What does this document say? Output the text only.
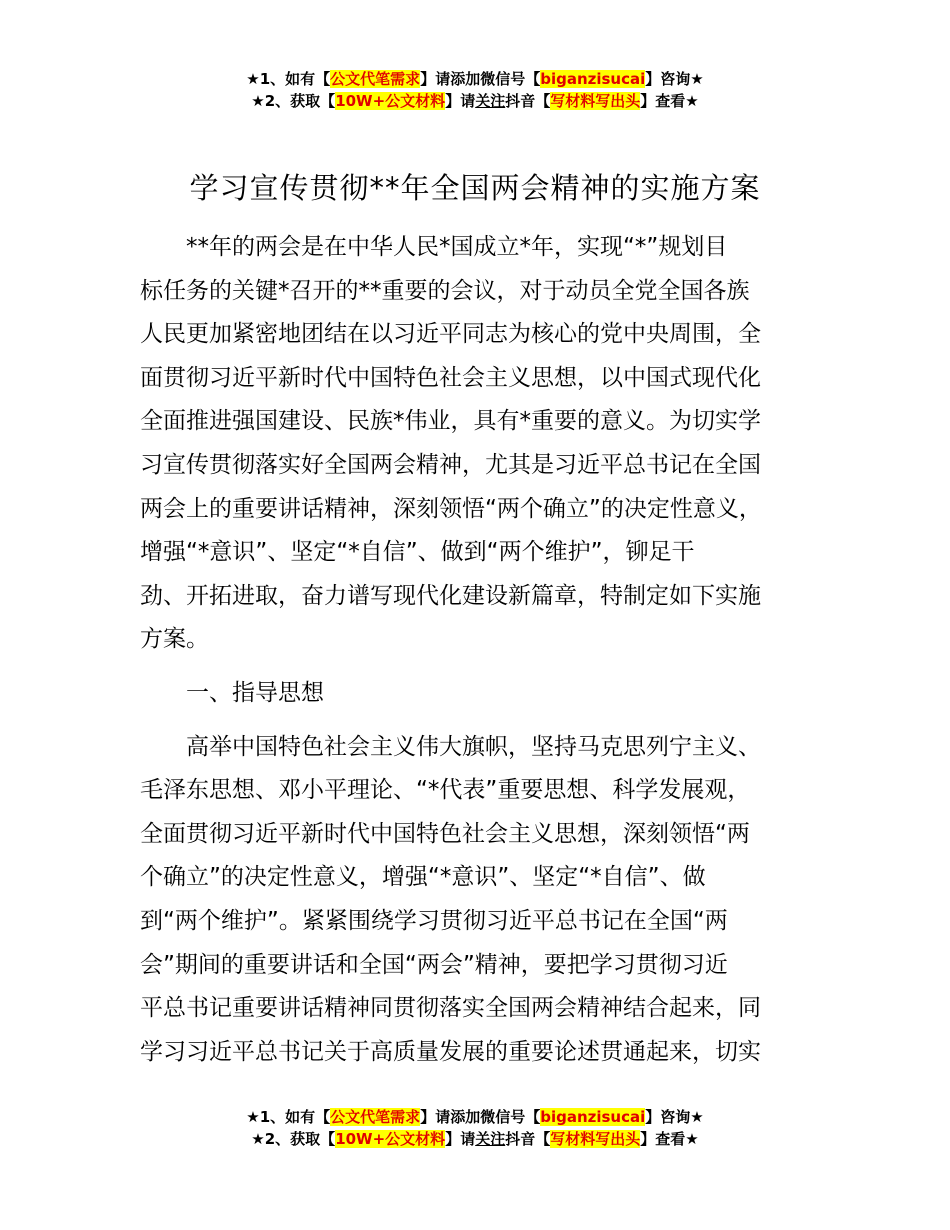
★1、如有【公文代笔需求】请添加微信号【biganzisucai】咨询★
★2、获取【10W+公文材料】请关注抖音【写材料写出头】查看★
学习宣传贯彻**年全国两会精神的实施方案

　　**年的两会是在中华人民*国成立*年，实现“*”规划目

标任务的关键*召开的**重要的会议，对于动员全党全国各族

人民更加紧密地团结在以习近平同志为核心的党中央周围，全

面贯彻习近平新时代中国特色社会主义思想，以中国式现代化

全面推进强国建设、民族*伟业，具有*重要的意义。为切实学

习宣传贯彻落实好全国两会精神，尤其是习近平总书记在全国

两会上的重要讲话精神，深刻领悟“两个确立”的决定性意义，

增强“*意识”、坚定“*自信”、做到“两个维护”，铆足干

劲、开拓进取，奋力谱写现代化建设新篇章，特制定如下实施

方案。

　　一、指导思想

　　高举中国特色社会主义伟大旗帜，坚持马克思列宁主义、

毛泽东思想、邓小平理论、“*代表”重要思想、科学发展观，

全面贯彻习近平新时代中国特色社会主义思想，深刻领悟“两

个确立”的决定性意义，增强“*意识”、坚定“*自信”、做

到“两个维护”。紧紧围绕学习贯彻习近平总书记在全国“两

会”期间的重要讲话和全国“两会”精神，要把学习贯彻习近

平总书记重要讲话精神同贯彻落实全国两会精神结合起来，同

学习习近平总书记关于高质量发展的重要论述贯通起来，切实

★1、如有【公文代笔需求】请添加微信号【biganzisucai】咨询★
★2、获取【10W+公文材料】请关注抖音【写材料写出头】查看★
